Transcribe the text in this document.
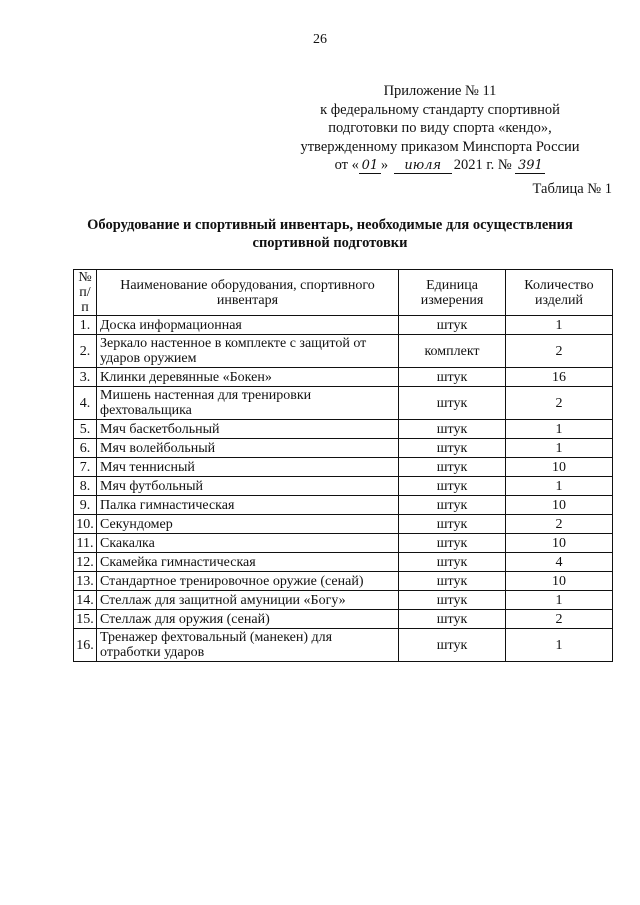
26
Приложение № 11
к федеральному стандарту спортивной
подготовки по виду спорта «кендо»,
утвержденному приказом Минспорта России
от « 01 » июля 2021 г. № 391
Таблица № 1
Оборудование и спортивный инвентарь, необходимые для осуществления спортивной подготовки
№ п/п	Наименование оборудования, спортивного инвентаря	Единица измерения	Количество изделий
1.	Доска информационная	штук	1
2.	Зеркало настенное в комплекте с защитой от ударов оружием	комплект	2
3.	Клинки деревянные «Бокен»	штук	16
4.	Мишень настенная для тренировки фехтовальщика	штук	2
5.	Мяч баскетбольный	штук	1
6.	Мяч волейбольный	штук	1
7.	Мяч теннисный	штук	10
8.	Мяч футбольный	штук	1
9.	Палка гимнастическая	штук	10
10.	Секундомер	штук	2
11.	Скакалка	штук	10
12.	Скамейка гимнастическая	штук	4
13.	Стандартное тренировочное оружие (сенай)	штук	10
14.	Стеллаж для защитной амуниции «Богу»	штук	1
15.	Стеллаж для оружия (сенай)	штук	2
16.	Тренажер фехтовальный (манекен) для отработки ударов	штук	1
